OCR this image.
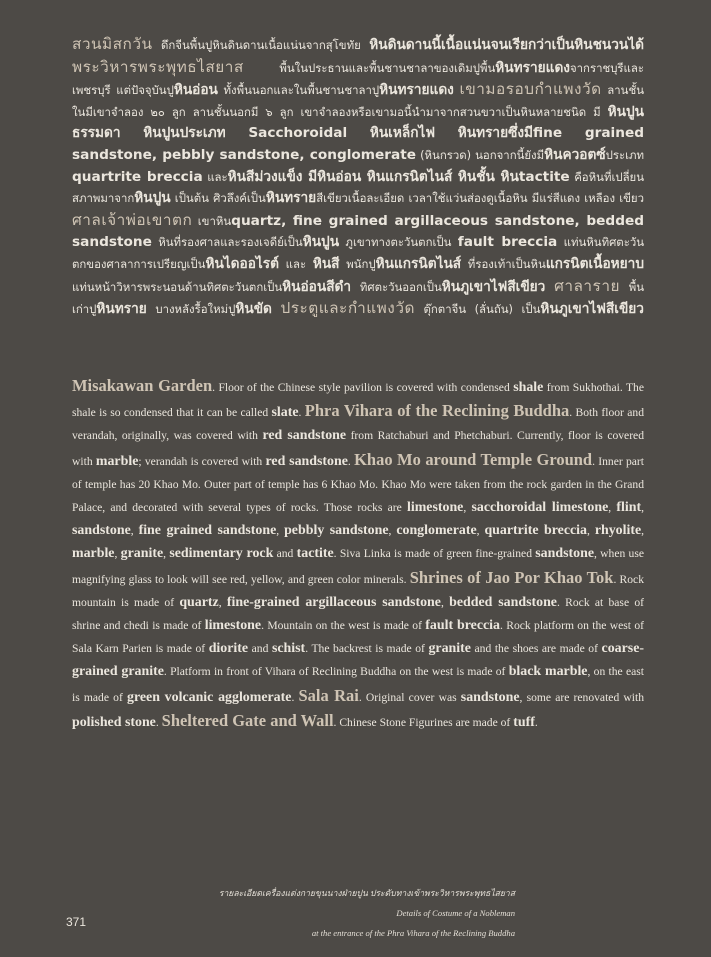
สวนมิสกวัน ดึกจีนพื้นปูหินดินดานเนื้อแน่นจากสุโขทัย หินดินดานนี้เนื้อแน่นจนเรียกว่าเป็นหินชนวนได้ พระวิหารพระพุทธไสยาส พื้นในประธานและพื้นชานชาลาของเดิมปูพื้นหินทรายแดงจากราชบุรีและเพชรบุรี แต่ปัจจุบันปูหินอ่อน ทั้งพื้นนอกและในพื้นชานชาลาปูหินทรายแดง เขามอรอบกำแพงวัด ลานชั้นในมีเขาจำลอง ๒๐ ลูก ลานชั้นนอกมี ๖ ลูก เขาจำลองหรือเขามอนี้นำมาจากสวนขวาเป็นหินหลายชนิด มี หินปูนธรรมดา หินปูนประเภท Sacchoroidal หินเหล็กไฟ หินทรายซึ่งมีfine grained sandstone, pebbly sandstone, conglomerate (หินกรวด) นอกจากนี้ยังมีหินควอตซ์ประเภท quartrite breccia และหินสีม่วงแข็ง มีหินอ่อน หินแกรนิตไนส์ หินชั้น หินtactite คือหินที่เปลี่ยนสภาพมาจากหินปูน เป็นต้น ศิวลึงค์เป็นหินทรายสีเขียวเนื้อละเอียด เวลาใช้แว่นส่องดูเนื้อหิน มีแร่สีแดง เหลือง เขียว ศาลเจ้าพ่อเขาตก เขาหินquartz, fine grained argillaceous sandstone, bedded sandstone หินที่รองศาลและรองเจดีย์เป็นหินปูน ภูเขาทางตะวันตกเป็น fault breccia แท่นหินทิศตะวันตกของศาลาการเปรียญเป็นหินไดออไรต์ และ หินสี พนักปูหินแกรนิตไนส์ ที่รองเท้าเป็นหินแกรนิตเนื้อหยาบ แท่นหน้าวิหารพระนอนด้านทิศตะวันตกเป็นหินอ่อนสีดำ ทิศตะวันออกเป็นหินภูเขาไฟสีเขียว ศาลาราย พื้นเก่าปูหินทราย บางหลังรื้อใหม่ปูหินขัด ประตูและกำแพงวัด ตุ๊กตาจีน (ลั่นถัน) เป็นหินภูเขาไฟสีเขียว
Misakawan Garden. Floor of the Chinese style pavilion is covered with condensed shale from Sukhothai. The shale is so condensed that it can be called slate. Phra Vihara of the Reclining Buddha. Both floor and verandah, originally, was covered with red sandstone from Ratchaburi and Phetchaburi. Currently, floor is covered with marble; verandah is covered with red sandstone. Khao Mo around Temple Ground. Inner part of temple has 20 Khao Mo. Outer part of temple has 6 Khao Mo. Khao Mo were taken from the rock garden in the Grand Palace, and decorated with several types of rocks. Those rocks are limestone, sacchoroidal limestone, flint, sandstone, fine grained sandstone, pebbly sandstone, conglomerate, quartrite breccia, rhyolite, marble, granite, sedimentary rock and tactite. Siva Linka is made of green fine-grained sandstone, when use magnifying glass to look will see red, yellow, and green color minerals. Shrines of Jao Por Khao Tok. Rock mountain is made of quartz, fine-grained argillaceous sandstone, bedded sandstone. Rock at base of shrine and chedi is made of limestone. Mountain on the west is made of fault breccia. Rock platform on the west of Sala Karn Parien is made of diorite and schist. The backrest is made of granite and the shoes are made of coarse-grained granite. Platform in front of Vihara of Reclining Buddha on the west is made of black marble, on the east is made of green volcanic agglomerate. Sala Rai. Original cover was sandstone, some are renovated with polished stone. Sheltered Gate and Wall. Chinese Stone Figurines are made of tuff.
รายละเอียดเครื่องแต่งกายขุนนางฝ่ายปูน ประดับทางเข้าพระวิหารพระพุทธไสยาส
Details of Costume of a Nobleman
at the entrance of the Phra Vihara of the Reclining Buddha
371
